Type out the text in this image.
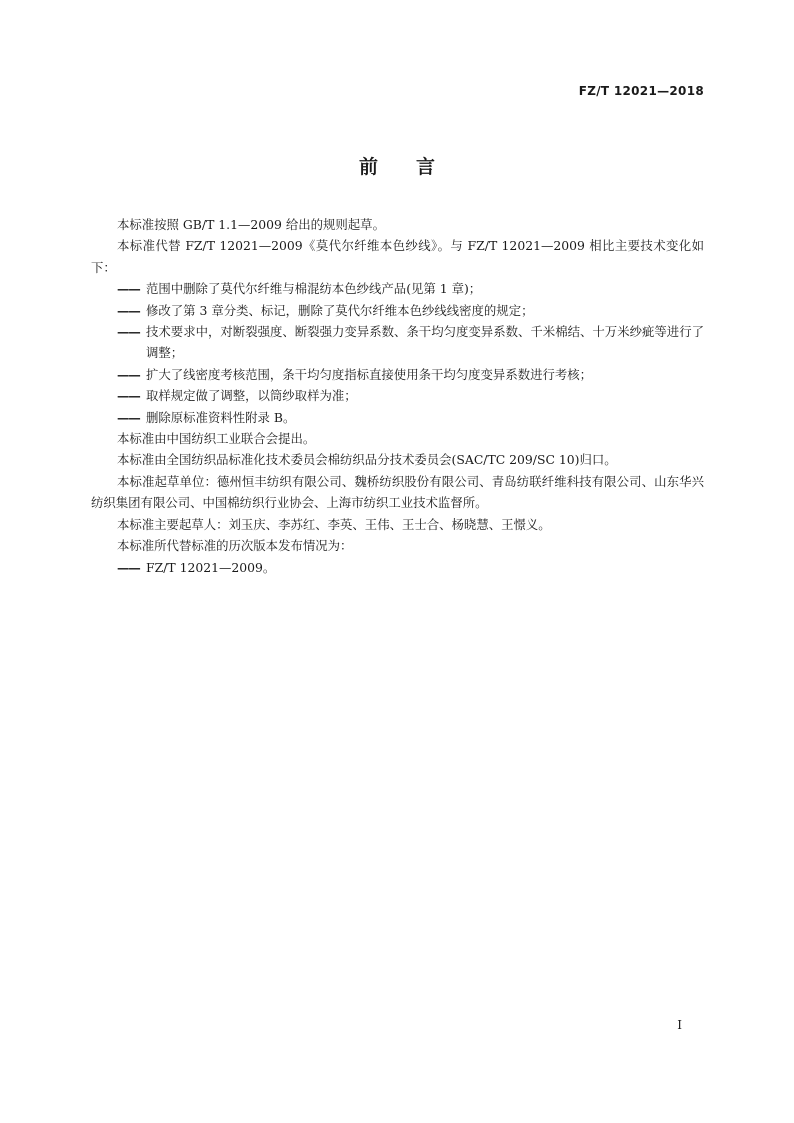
FZ/T 12021—2018
前言

本标准按照 GB/T 1.1—2009 给出的规则起草。

本标准代替 FZ/T 12021—2009《莫代尔纤维本色纱线》。与 FZ/T 12021—2009 相比主要技术变化如下：

—— 范围中删除了莫代尔纤维与棉混纺本色纱线产品(见第 1 章)；

—— 修改了第 3 章分类、标记，删除了莫代尔纤维本色纱线线密度的规定；

—— 技术要求中，对断裂强度、断裂强力变异系数、条干均匀度变异系数、千米棉结、十万米纱疵等进行了调整；

—— 扩大了线密度考核范围，条干均匀度指标直接使用条干均匀度变异系数进行考核；

—— 取样规定做了调整，以筒纱取样为准；

—— 删除原标准资料性附录 B。

本标准由中国纺织工业联合会提出。

本标准由全国纺织品标准化技术委员会棉纺织品分技术委员会(SAC/TC 209/SC 10)归口。

本标准起草单位：德州恒丰纺织有限公司、魏桥纺织股份有限公司、青岛纺联纤维科技有限公司、山东华兴纺织集团有限公司、中国棉纺织行业协会、上海市纺织工业技术监督所。

本标准主要起草人：刘玉庆、李苏红、李英、王伟、王士合、杨晓慧、王憬义。

本标准所代替标准的历次版本发布情况为：

—— FZ/T 12021—2009。

I
